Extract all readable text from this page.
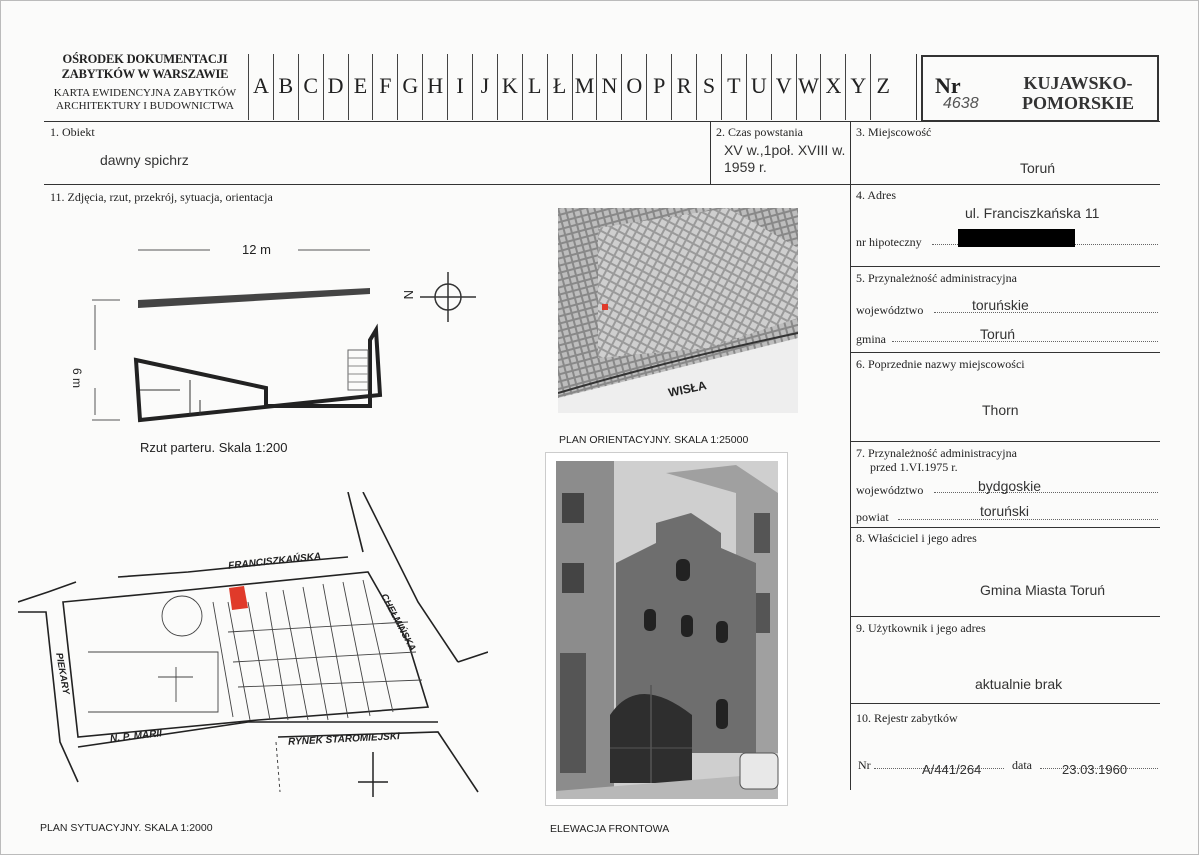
OŚRODEK DOKUMENTACJI
ZABYTKÓW W WARSZAWIE
KARTA EWIDENCYJNA ZABYTKÓW
ARCHITEKTURY I BUDOWNICTWA
A B C D E F G H I J K L Ł M N O P R S T U V W X Y Z Nr
4638
KUJAWSKO-
POMORSKIE
1. Obiekt
dawny spichrz
2. Czas powstania
XV w.,1poł. XVIII w.
1959 r.
3. Miejscowość
Toruń
11. Zdjęcia, rzut, przekrój, sytuacja, orientacja	4. Adres
ul. Franciszkańska 11
nr hipoteczny
5. Przynależność administracyjna
województwo	toruńskie
gmina	Toruń
6. Poprzednie nazwy miejscowości
Thorn
7. Przynależność administracyjna
przed 1.VI.1975 r.
województwo	bydgoskie
powiat	toruński
8. Właściciel i jego adres
Gmina Miasta Toruń
9. Użytkownik i jego adres
aktualnie brak
10. Rejestr zabytków
Nr	A/441/264	data 23.03.1960
12 m
6 m
N
Rzut parteru. Skala 1:200
WISŁA
PLAN ORIENTACYJNY. SKALA 1:25000
FRANCISZKAŃSKA
CHEŁMIŃSKA
PIEKARY
N. P. MARII	RYNEK STAROMIEJSKI
PLAN SYTUACYJNY. SKALA 1:2000	ELEWACJA FRONTOWA
